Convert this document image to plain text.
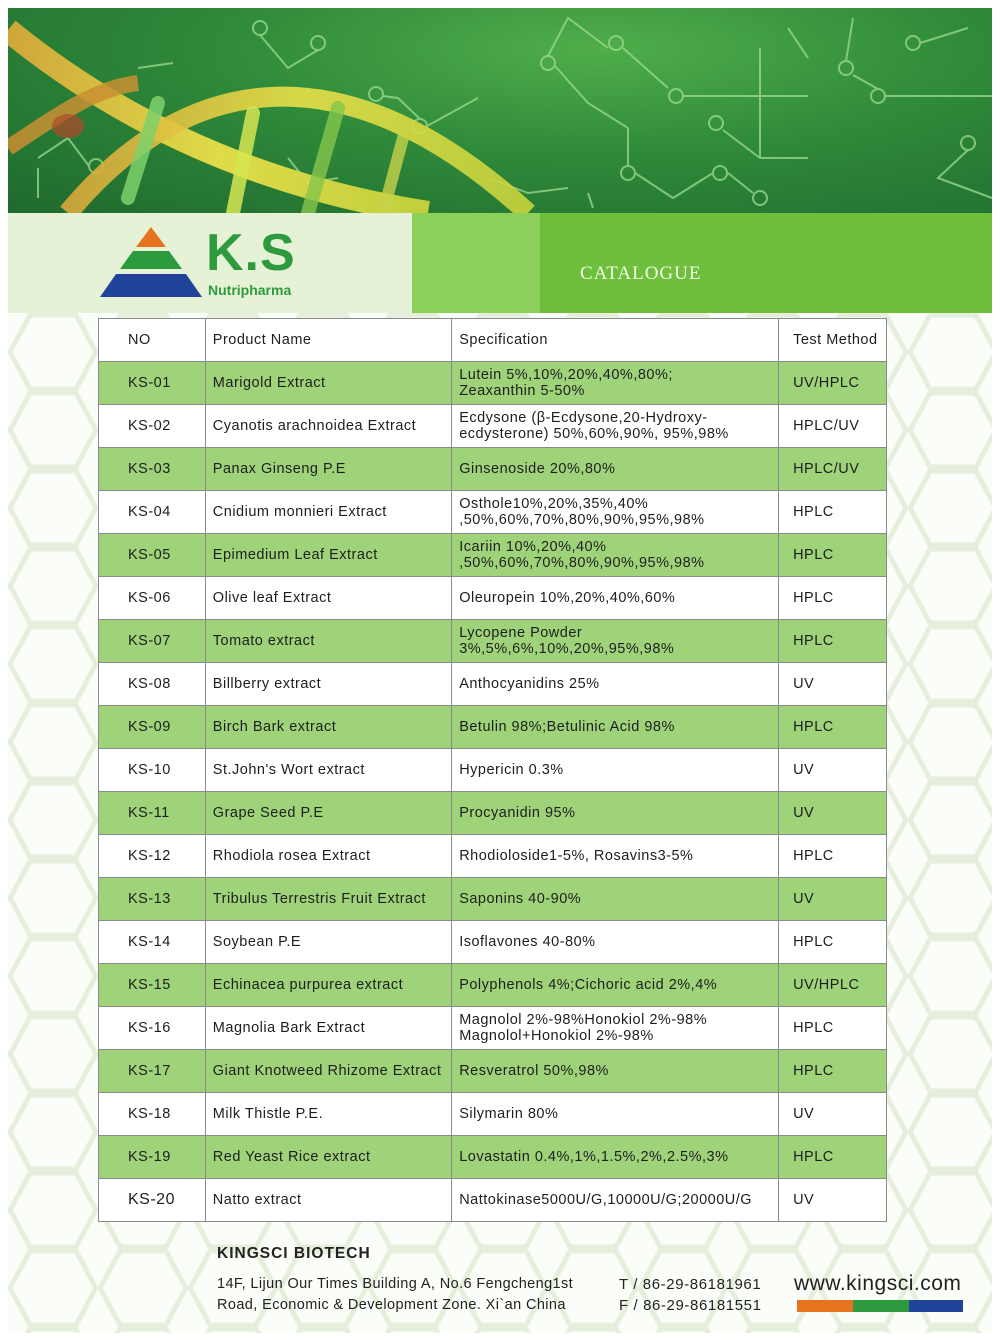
CATALOGUE
K.S
Nutripharma
NO	Product Name	Specification	Test Method
KS-01	Marigold Extract	Lutein 5%,10%,20%,40%,80%;
Zeaxanthin 5-50%	UV/HPLC
KS-02	Cyanotis arachnoidea Extract	Ecdysone (β-Ecdysone,20-Hydroxy-
ecdysterone) 50%,60%,90%, 95%,98%	HPLC/UV
KS-03	Panax Ginseng P.E	Ginsenoside 20%,80%	HPLC/UV
KS-04	Cnidium monnieri Extract	Osthole10%,20%,35%,40%
,50%,60%,70%,80%,90%,95%,98%	HPLC
KS-05	Epimedium Leaf Extract	Icariin 10%,20%,40%
,50%,60%,70%,80%,90%,95%,98%	HPLC
KS-06	Olive leaf Extract	Oleuropein 10%,20%,40%,60%	HPLC
KS-07	Tomato extract	Lycopene Powder
3%,5%,6%,10%,20%,95%,98%	HPLC
KS-08	Billberry extract	Anthocyanidins 25%	UV
KS-09	Birch Bark extract	Betulin 98%;Betulinic Acid 98%	HPLC
KS-10	St.John's Wort extract	Hypericin 0.3%	UV
KS-11	Grape Seed P.E	Procyanidin 95%	UV
KS-12	Rhodiola rosea Extract	Rhodioloside1-5%, Rosavins3-5%	HPLC
KS-13	Tribulus Terrestris Fruit Extract	Saponins 40-90%	UV
KS-14	Soybean P.E	Isoflavones 40-80%	HPLC
KS-15	Echinacea purpurea extract	Polyphenols 4%;Cichoric acid 2%,4%	UV/HPLC
KS-16	Magnolia Bark Extract	Magnolol 2%-98%Honokiol 2%-98%
Magnolol+Honokiol 2%-98%	HPLC
KS-17	Giant Knotweed Rhizome Extract	Resveratrol 50%,98%	HPLC
KS-18	Milk Thistle P.E.	Silymarin 80%	UV
KS-19	Red Yeast Rice extract	Lovastatin 0.4%,1%,1.5%,2%,2.5%,3%	HPLC
KS-20	Natto extract	Nattokinase5000U/G,10000U/G;20000U/G	UV
KINGSCI BIOTECH
14F, Lijun Our Times Building A, No.6 Fengcheng1st
Road, Economic & Development Zone. Xi`an China
T / 86-29-86181961
F / 86-29-86181551
www.kingsci.com
